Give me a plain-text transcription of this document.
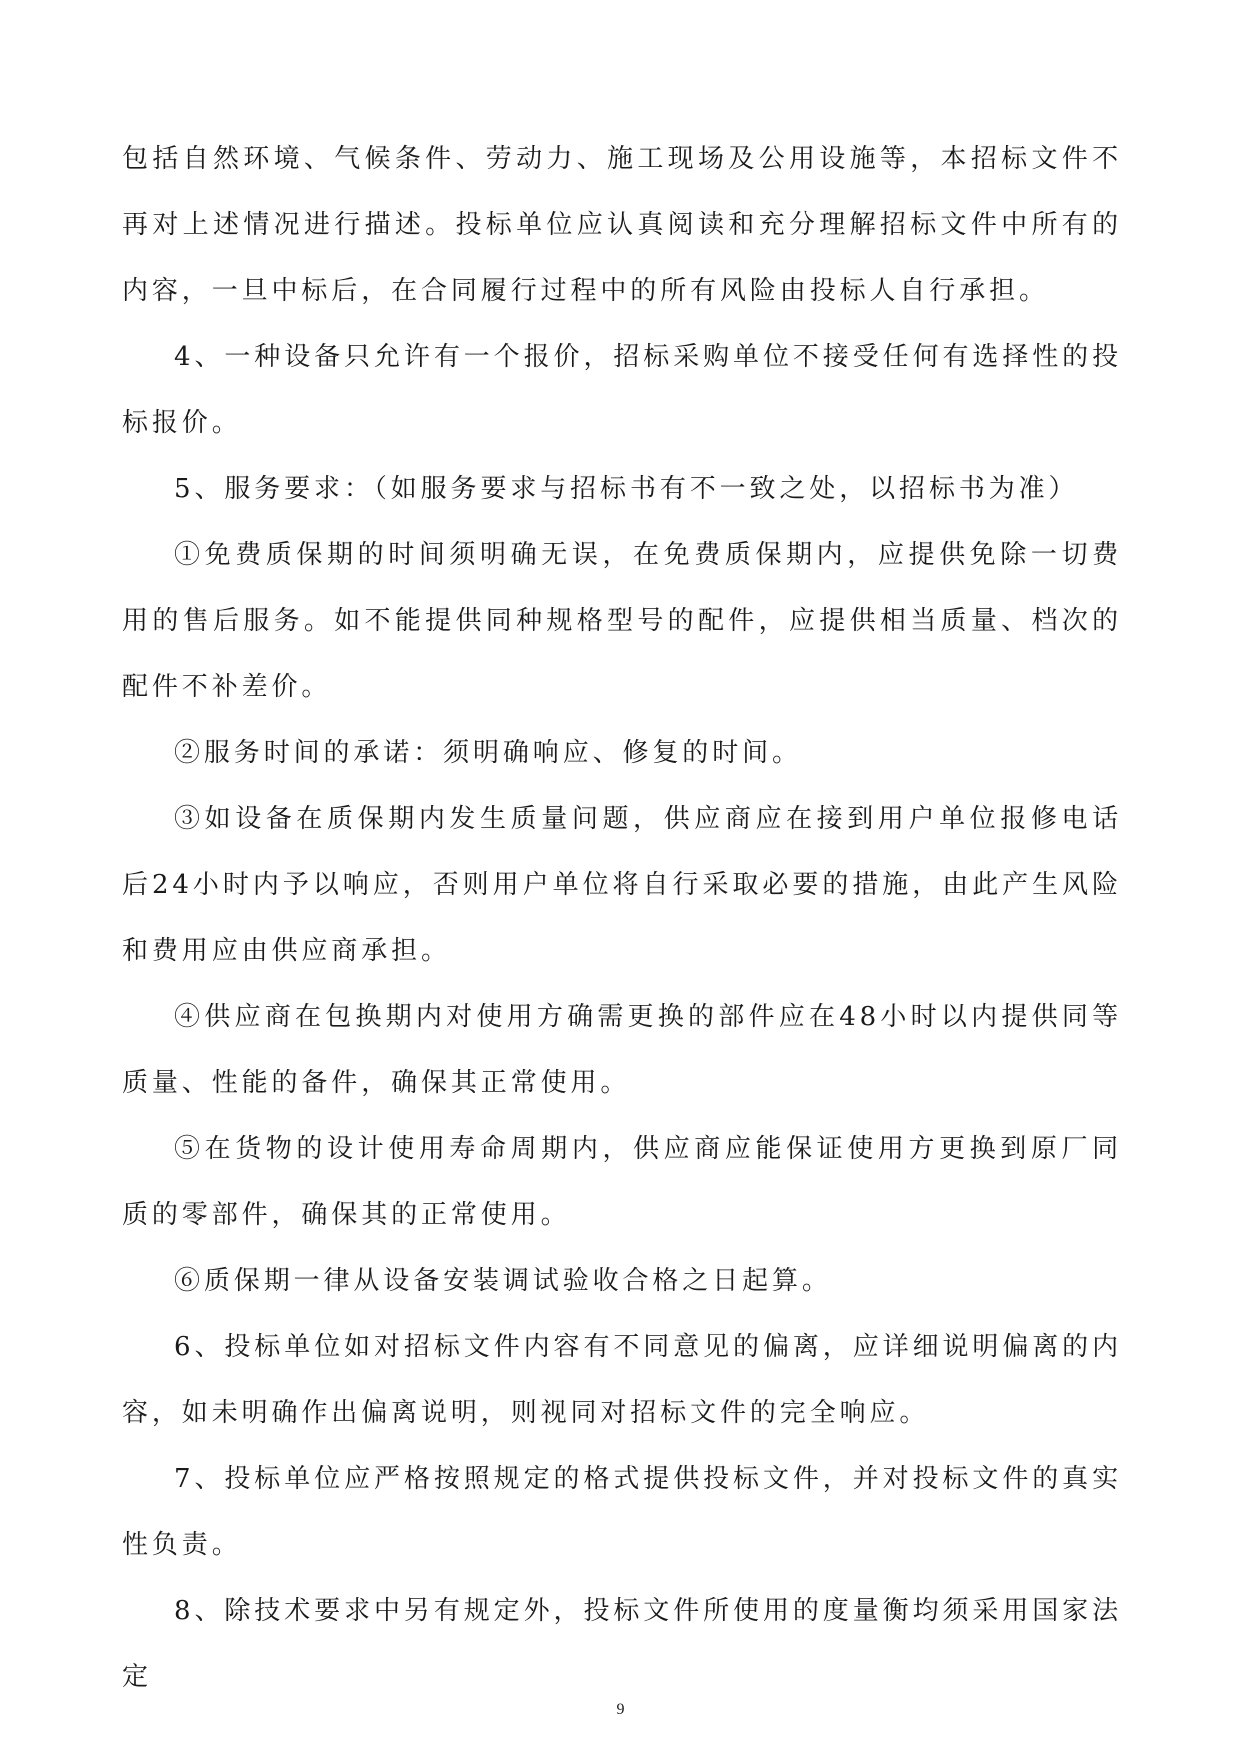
包括自然环境、气候条件、劳动力、施工现场及公用设施等，本招标文件不再对上述情况进行描述。投标单位应认真阅读和充分理解招标文件中所有的内容，一旦中标后，在合同履行过程中的所有风险由投标人自行承担。

4、一种设备只允许有一个报价，招标采购单位不接受任何有选择性的投标报价。

5、服务要求：（如服务要求与招标书有不一致之处，以招标书为准）

①免费质保期的时间须明确无误，在免费质保期内，应提供免除一切费用的售后服务。如不能提供同种规格型号的配件，应提供相当质量、档次的配件不补差价。

②服务时间的承诺：须明确响应、修复的时间。

③如设备在质保期内发生质量问题，供应商应在接到用户单位报修电话后24小时内予以响应，否则用户单位将自行采取必要的措施，由此产生风险和费用应由供应商承担。

④供应商在包换期内对使用方确需更换的部件应在48小时以内提供同等质量、性能的备件，确保其正常使用。

⑤在货物的设计使用寿命周期内，供应商应能保证使用方更换到原厂同质的零部件，确保其的正常使用。

⑥质保期一律从设备安装调试验收合格之日起算。

6、投标单位如对招标文件内容有不同意见的偏离，应详细说明偏离的内容，如未明确作出偏离说明，则视同对招标文件的完全响应。

7、投标单位应严格按照规定的格式提供投标文件，并对投标文件的真实性负责。

8、除技术要求中另有规定外，投标文件所使用的度量衡均须采用国家法定

9
